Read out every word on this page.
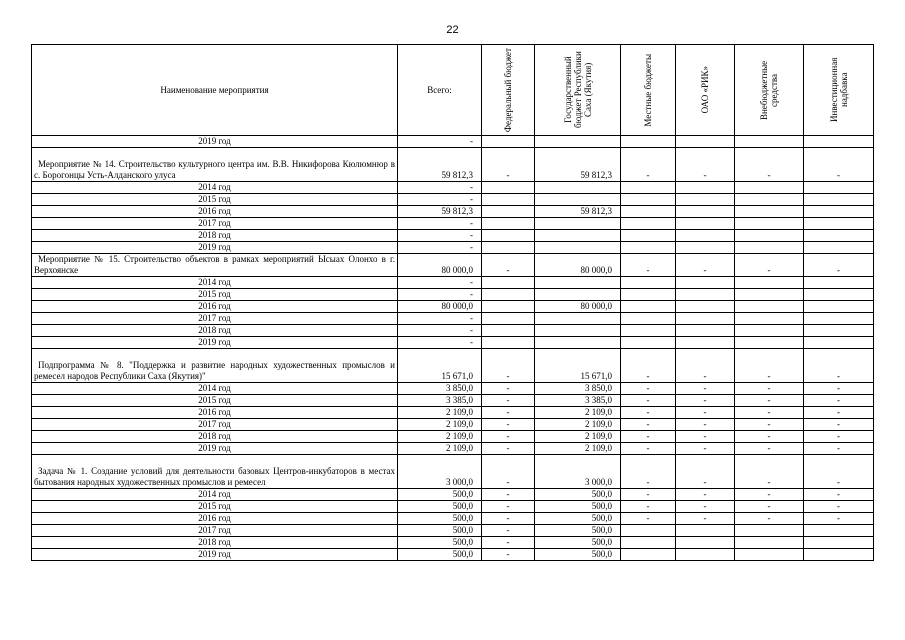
22
Наименование мероприятия	Всего:	Федеральный бюджет	Государственный бюджет Республики Саха (Якутия)	Местные бюджеты	ОАО «РИК»	Внебюджетные средства	Инвестиционная надбавка

2019 год	-						
Мероприятие № 14. Строительство культурного центра им. В.В. Никифорова Кюлюмнюр в с. Борогонцы Усть-Алданского улуса	59 812,3	-	59 812,3	-	-	-	-
2014 год	-						
2015 год	-						
2016 год	59 812,3		59 812,3				
2017 год	-						
2018 год	-						
2019 год	-						
Мероприятие № 15. Строительство объектов в рамках мероприятий Ысыах Олонхо в г. Верхоянске	80 000,0	-	80 000,0	-	-	-	-
2014 год	-						
2015 год	-						
2016 год	80 000,0		80 000,0				
2017 год	-						
2018 год	-						
2019 год	-						
Подпрограмма № 8. "Поддержка и развитие народных художественных промыслов и ремесел народов Республики Саха (Якутия)"	15 671,0	-	15 671,0	-	-	-	-
2014 год	3 850,0	-	3 850,0	-	-	-	-
2015 год	3 385,0	-	3 385,0	-	-	-	-
2016 год	2 109,0	-	2 109,0	-	-	-	-
2017 год	2 109,0	-	2 109,0	-	-	-	-
2018 год	2 109,0	-	2 109,0	-	-	-	-
2019 год	2 109,0	-	2 109,0	-	-	-	-
Задача № 1. Создание условий для деятельности базовых Центров-инкубаторов в местах бытования народных художественных промыслов и ремесел	3 000,0	-	3 000,0	-	-	-	-
2014 год	500,0	-	500,0	-	-	-	-
2015 год	500,0	-	500,0	-	-	-	-
2016 год	500,0	-	500,0	-	-	-	-
2017 год	500,0	-	500,0				
2018 год	500,0	-	500,0				
2019 год	500,0	-	500,0				
